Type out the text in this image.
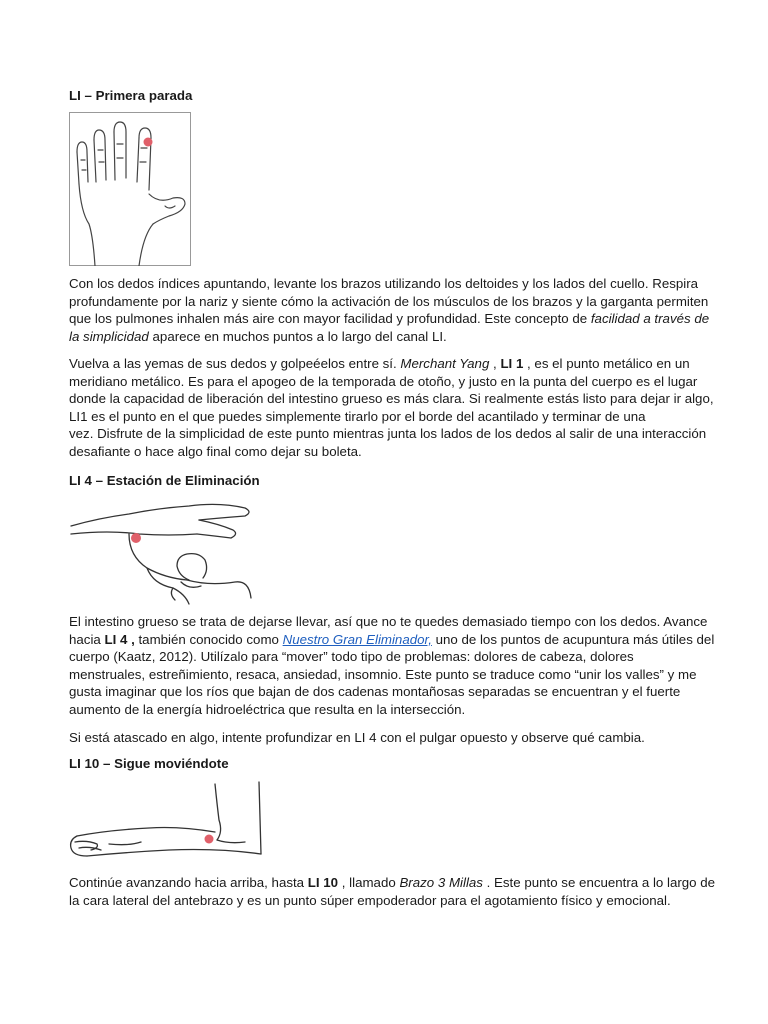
LI – Primera parada
Con los dedos índices apuntando, levante los brazos utilizando los deltoides y los lados del cuello. Respira
profundamente por la nariz y siente cómo la activación de los músculos de los brazos y la garganta permiten
que los pulmones inhalen más aire con mayor facilidad y profundidad. Este concepto de facilidad a través de
la simplicidad aparece en muchos puntos a lo largo del canal LI.
Vuelva a las yemas de sus dedos y golpeéelos entre sí. Merchant Yang , LI 1 , es el punto metálico en un
meridiano metálico. Es para el apogeo de la temporada de otoño, y justo en la punta del cuerpo es el lugar
donde la capacidad de liberación del intestino grueso es más clara. Si realmente estás listo para dejar ir algo,
LI1 es el punto en el que puedes simplemente tirarlo por el borde del acantilado y terminar de una
vez. Disfrute de la simplicidad de este punto mientras junta los lados de los dedos al salir de una interacción
desafiante o hace algo final como dejar su boleta.
LI 4 – Estación de Eliminación
El intestino grueso se trata de dejarse llevar, así que no te quedes demasiado tiempo con los dedos. Avance
hacia LI 4 , también conocido como Nuestro Gran Eliminador, uno de los puntos de acupuntura más útiles del
cuerpo (Kaatz, 2012). Utilízalo para “mover” todo tipo de problemas: dolores de cabeza, dolores
menstruales, estreñimiento, resaca, ansiedad, insomnio. Este punto se traduce como “unir los valles” y me
gusta imaginar que los ríos que bajan de dos cadenas montañosas separadas se encuentran y el fuerte
aumento de la energía hidroeléctrica que resulta en la intersección.
Si está atascado en algo, intente profundizar en LI 4 con el pulgar opuesto y observe qué cambia.
LI 10 – Sigue moviéndote
Continúe avanzando hacia arriba, hasta LI 10 , llamado Brazo 3 Millas . Este punto se encuentra a lo largo de
la cara lateral del antebrazo y es un punto súper empoderador para el agotamiento físico y emocional.
